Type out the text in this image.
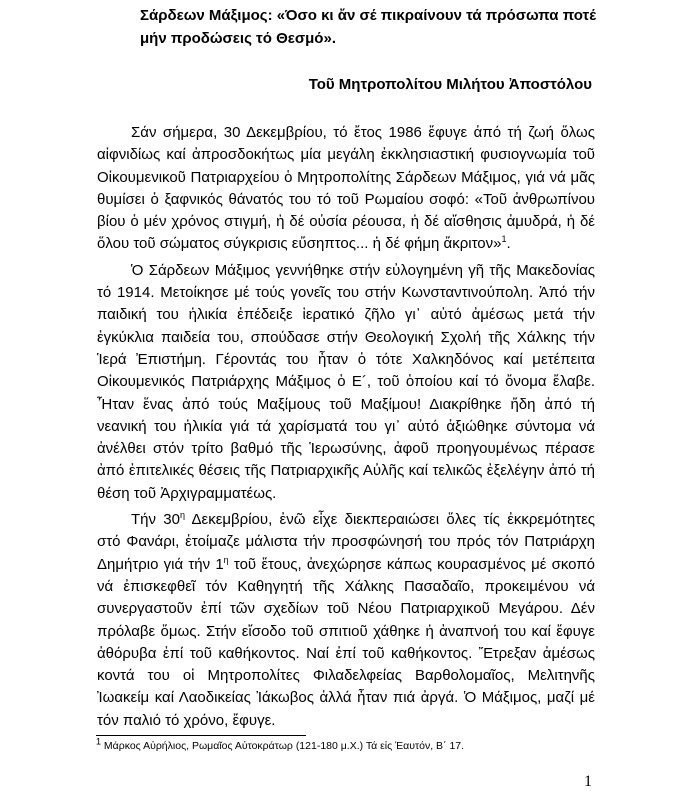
Σάρδεων Μάξιμος: «Όσο κι ἄν σέ πικραίνουν τά πρόσωπα ποτέ μήν προδώσεις τό Θεσμό».
Τοῦ Μητροπολίτου Μιλήτου Ἀποστόλου

Σάν σήμερα, 30 Δεκεμβρίου, τό ἔτος 1986 ἔφυγε ἀπό τή ζωή ὅλως αἰφνιδίως καί ἀπροσδοκήτως μία μεγάλη ἐκκλησιαστική φυσιογνωμία τοῦ Οἰκουμενικοῦ Πατριαρχείου ὁ Μητροπολίτης Σάρδεων Μάξιμος, γιά νά μᾶς θυμίσει ὁ ξαφνικός θάνατός του τό τοῦ Ρωμαίου σοφό: «Τοῦ ἀνθρωπίνου βίου ὁ μέν χρόνος στιγμή, ἡ δέ οὐσία ρέουσα, ἡ δέ αἴσθησις ἀμυδρά, ἡ δέ ὅλου τοῦ σώματος σύγκρισις εὔσηπτος... ἡ δέ φήμη ἄκριτον»$^1$.

Ὁ Σάρδεων Μάξιμος γεννήθηκε στήν εὐλογημένη γῆ τῆς Μακεδονίας τό 1914. Μετοίκησε μέ τούς γονεῖς του στήν Κωνσταντινούπολη. Ἀπό τήν παιδική του ἡλικία ἐπέδειξε ἱερατικό ζῆλο γι᾽ αὐτό ἀμέσως μετά τήν ἐγκύκλια παιδεία του, σπούδασε στήν Θεολογική Σχολή τῆς Χάλκης τήν Ἱερά Ἐπιστήμη. Γέροντάς του ἦταν ὁ τότε Χαλκηδόνος καί μετέπειτα Οἰκουμενικός Πατριάρχης Μάξιμος ὁ Ε´, τοῦ ὁποίου καί τό ὄνομα ἔλαβε. Ἦταν ἕνας ἀπό τούς Μαξίμους τοῦ Μαξίμου! Διακρίθηκε ἤδη ἀπό τή νεανική του ἡλικία γιά τά χαρίσματά του γι᾽ αὐτό ἀξιώθηκε σύντομα νά ἀνέλθει στόν τρίτο βαθμό τῆς Ἱερωσύνης, ἀφοῦ προηγουμένως πέρασε ἀπό ἐπιτελικές θέσεις τῆς Πατριαρχικῆς Αὐλῆς καί τελικῶς ἐξελέγην ἀπό τή θέση τοῦ Ἀρχιγραμματέως.

Τήν $30^\eta$ Δεκεμβρίου, ἐνῶ εἶχε διεκπεραιώσει ὅλες τίς ἐκκρεμότητες στό Φανάρι, ἑτοίμαζε μάλιστα τήν προσφώνησή του πρός τόν Πατριάρχη Δημήτριο γιά τήν $1^\eta$ τοῦ ἔτους, ἀνεχώρησε κάπως κουρασμένος μέ σκοπό νά ἐπισκεφθεῖ τόν Καθηγητή τῆς Χάλκης Πασαδαῖο, προκειμένου νά συνεργαστοῦν ἐπί τῶν σχεδίων τοῦ Νέου Πατριαρχικοῦ Μεγάρου. Δέν πρόλαβε ὅμως. Στήν εἴσοδο τοῦ σπιτιοῦ χάθηκε ἡ ἀναπνοή του καί ἔφυγε ἀθόρυβα ἐπί τοῦ καθήκοντος. Ναί ἐπί τοῦ καθήκοντος. Ἔτρεξαν ἀμέσως κοντά του οἱ Μητροπολίτες Φιλαδελφείας Βαρθολομαῖος, Μελιτηνῆς Ἰωακείμ καί Λαοδικείας Ἰάκωβος ἀλλά ἦταν πιά ἀργά. Ὁ Μάξιμος, μαζί μέ τόν παλιό τό χρόνο, ἔφυγε.

$^1$ Μάρκος Αὐρήλιος, Ρωμαῖος Αὐτοκράτωρ (121-180 μ.Χ.) Τά εἰς Ἑαυτόν, Β΄ 17.
1
